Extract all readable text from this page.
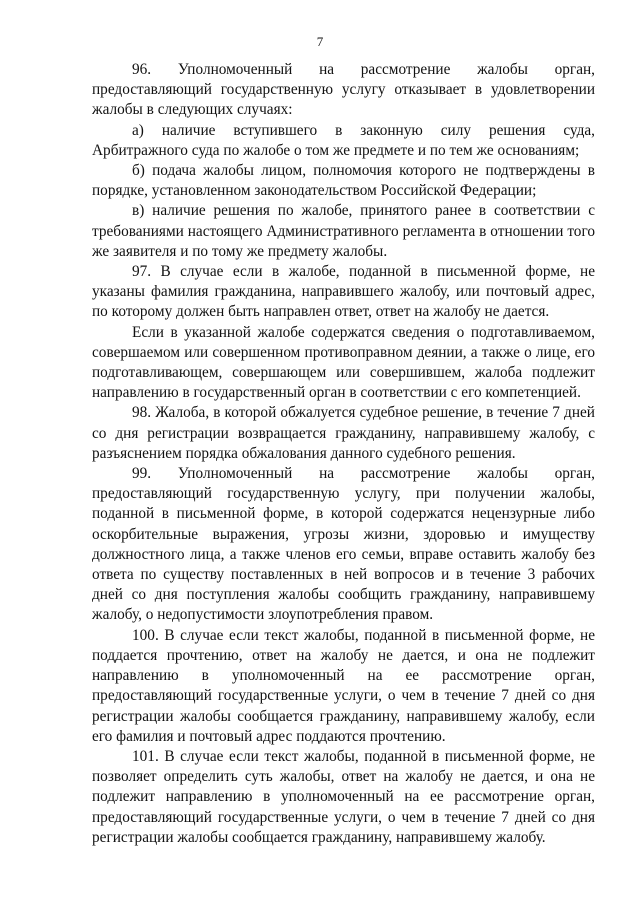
7

96. Уполномоченный на рассмотрение жалобы орган, предоставляющий государственную услугу отказывает в удовлетворении жалобы в следующих случаях:

а) наличие вступившего в законную силу решения суда, Арбитражного суда по жалобе о том же предмете и по тем же основаниям;

б) подача жалобы лицом, полномочия которого не подтверждены в порядке, установленном законодательством Российской Федерации;

в) наличие решения по жалобе, принятого ранее в соответствии с требованиями настоящего Административного регламента в отношении того же заявителя и по тому же предмету жалобы.

97. В случае если в жалобе, поданной в письменной форме, не указаны фамилия гражданина, направившего жалобу, или почтовый адрес, по которому должен быть направлен ответ, ответ на жалобу не дается.

Если в указанной жалобе содержатся сведения о подготавливаемом, совершаемом или совершенном противоправном деянии, а также о лице, его подготавливающем, совершающем или совершившем, жалоба подлежит направлению в государственный орган в соответствии с его компетенцией.

98. Жалоба, в которой обжалуется судебное решение, в течение 7 дней со дня регистрации возвращается гражданину, направившему жалобу, с разъяснением порядка обжалования данного судебного решения.

99. Уполномоченный на рассмотрение жалобы орган, предоставляющий государственную услугу, при получении жалобы, поданной в письменной форме, в которой содержатся нецензурные либо оскорбительные выражения, угрозы жизни, здоровью и имуществу должностного лица, а также членов его семьи, вправе оставить жалобу без ответа по существу поставленных в ней вопросов и в течение 3 рабочих дней со дня поступления жалобы сообщить гражданину, направившему жалобу, о недопустимости злоупотребления правом.

100. В случае если текст жалобы, поданной в письменной форме, не поддается прочтению, ответ на жалобу не дается, и она не подлежит направлению в уполномоченный на ее рассмотрение орган, предоставляющий государственные услуги, о чем в течение 7 дней со дня регистрации жалобы сообщается гражданину, направившему жалобу, если его фамилия и почтовый адрес поддаются прочтению.

101. В случае если текст жалобы, поданной в письменной форме, не позволяет определить суть жалобы, ответ на жалобу не дается, и она не подлежит направлению в уполномоченный на ее рассмотрение орган, предоставляющий государственные услуги, о чем в течение 7 дней со дня регистрации жалобы сообщается гражданину, направившему жалобу.
